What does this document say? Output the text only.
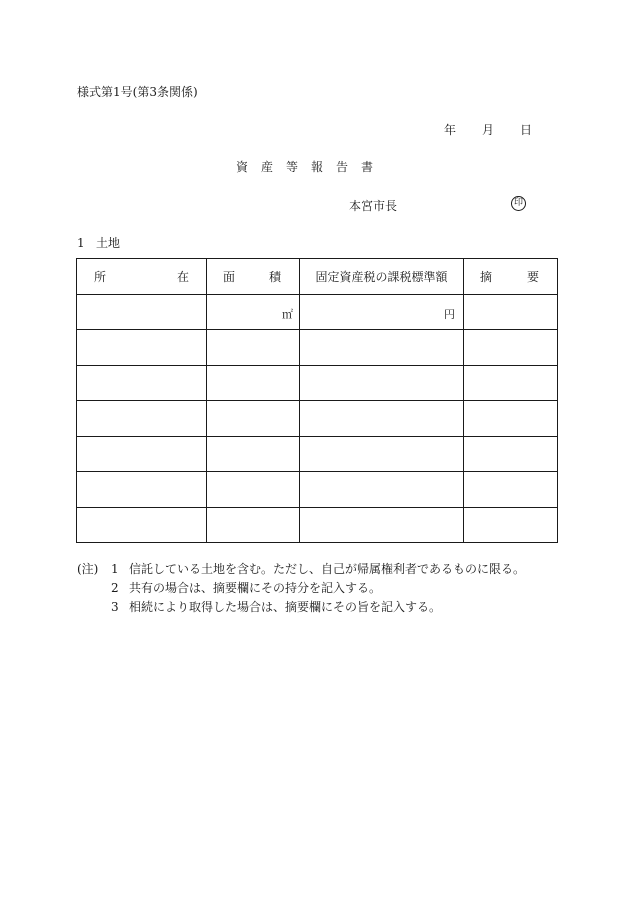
様式第1号(第3条関係)
年 月 日
資産等報告書
本宮市長	印
1 土地
所 在	面 積	固定資産税の課税標準額	摘 要

	㎡	円	

(注) 1 信託している土地を含む。ただし、自己が帰属権利者であるものに限る。
2 共有の場合は、摘要欄にその持分を記入する。
3 相続により取得した場合は、摘要欄にその旨を記入する。
